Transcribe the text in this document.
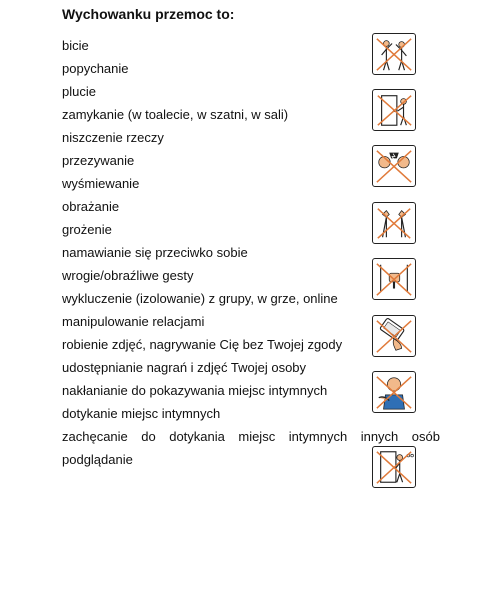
Wychowanku przemoc to:
bicie
popychanie
plucie
zamykanie (w toalecie, w szatni, w sali)
niszczenie rzeczy
przezywanie
wyśmiewanie
obrażanie
grożenie
namawianie się przeciwko sobie
wrogie/obraźliwe gesty
wykluczenie (izolowanie) z grupy, w grze, online
manipulowanie relacjami
robienie zdjęć, nagrywanie Cię bez Twojej zgody
udostępnianie nagrań i zdjęć Twojej osoby
nakłanianie do pokazywania miejsc intymnych
dotykanie miejsc intymnych
zachęcanie do dotykania miejsc intymnych innych osób
podglądanie
